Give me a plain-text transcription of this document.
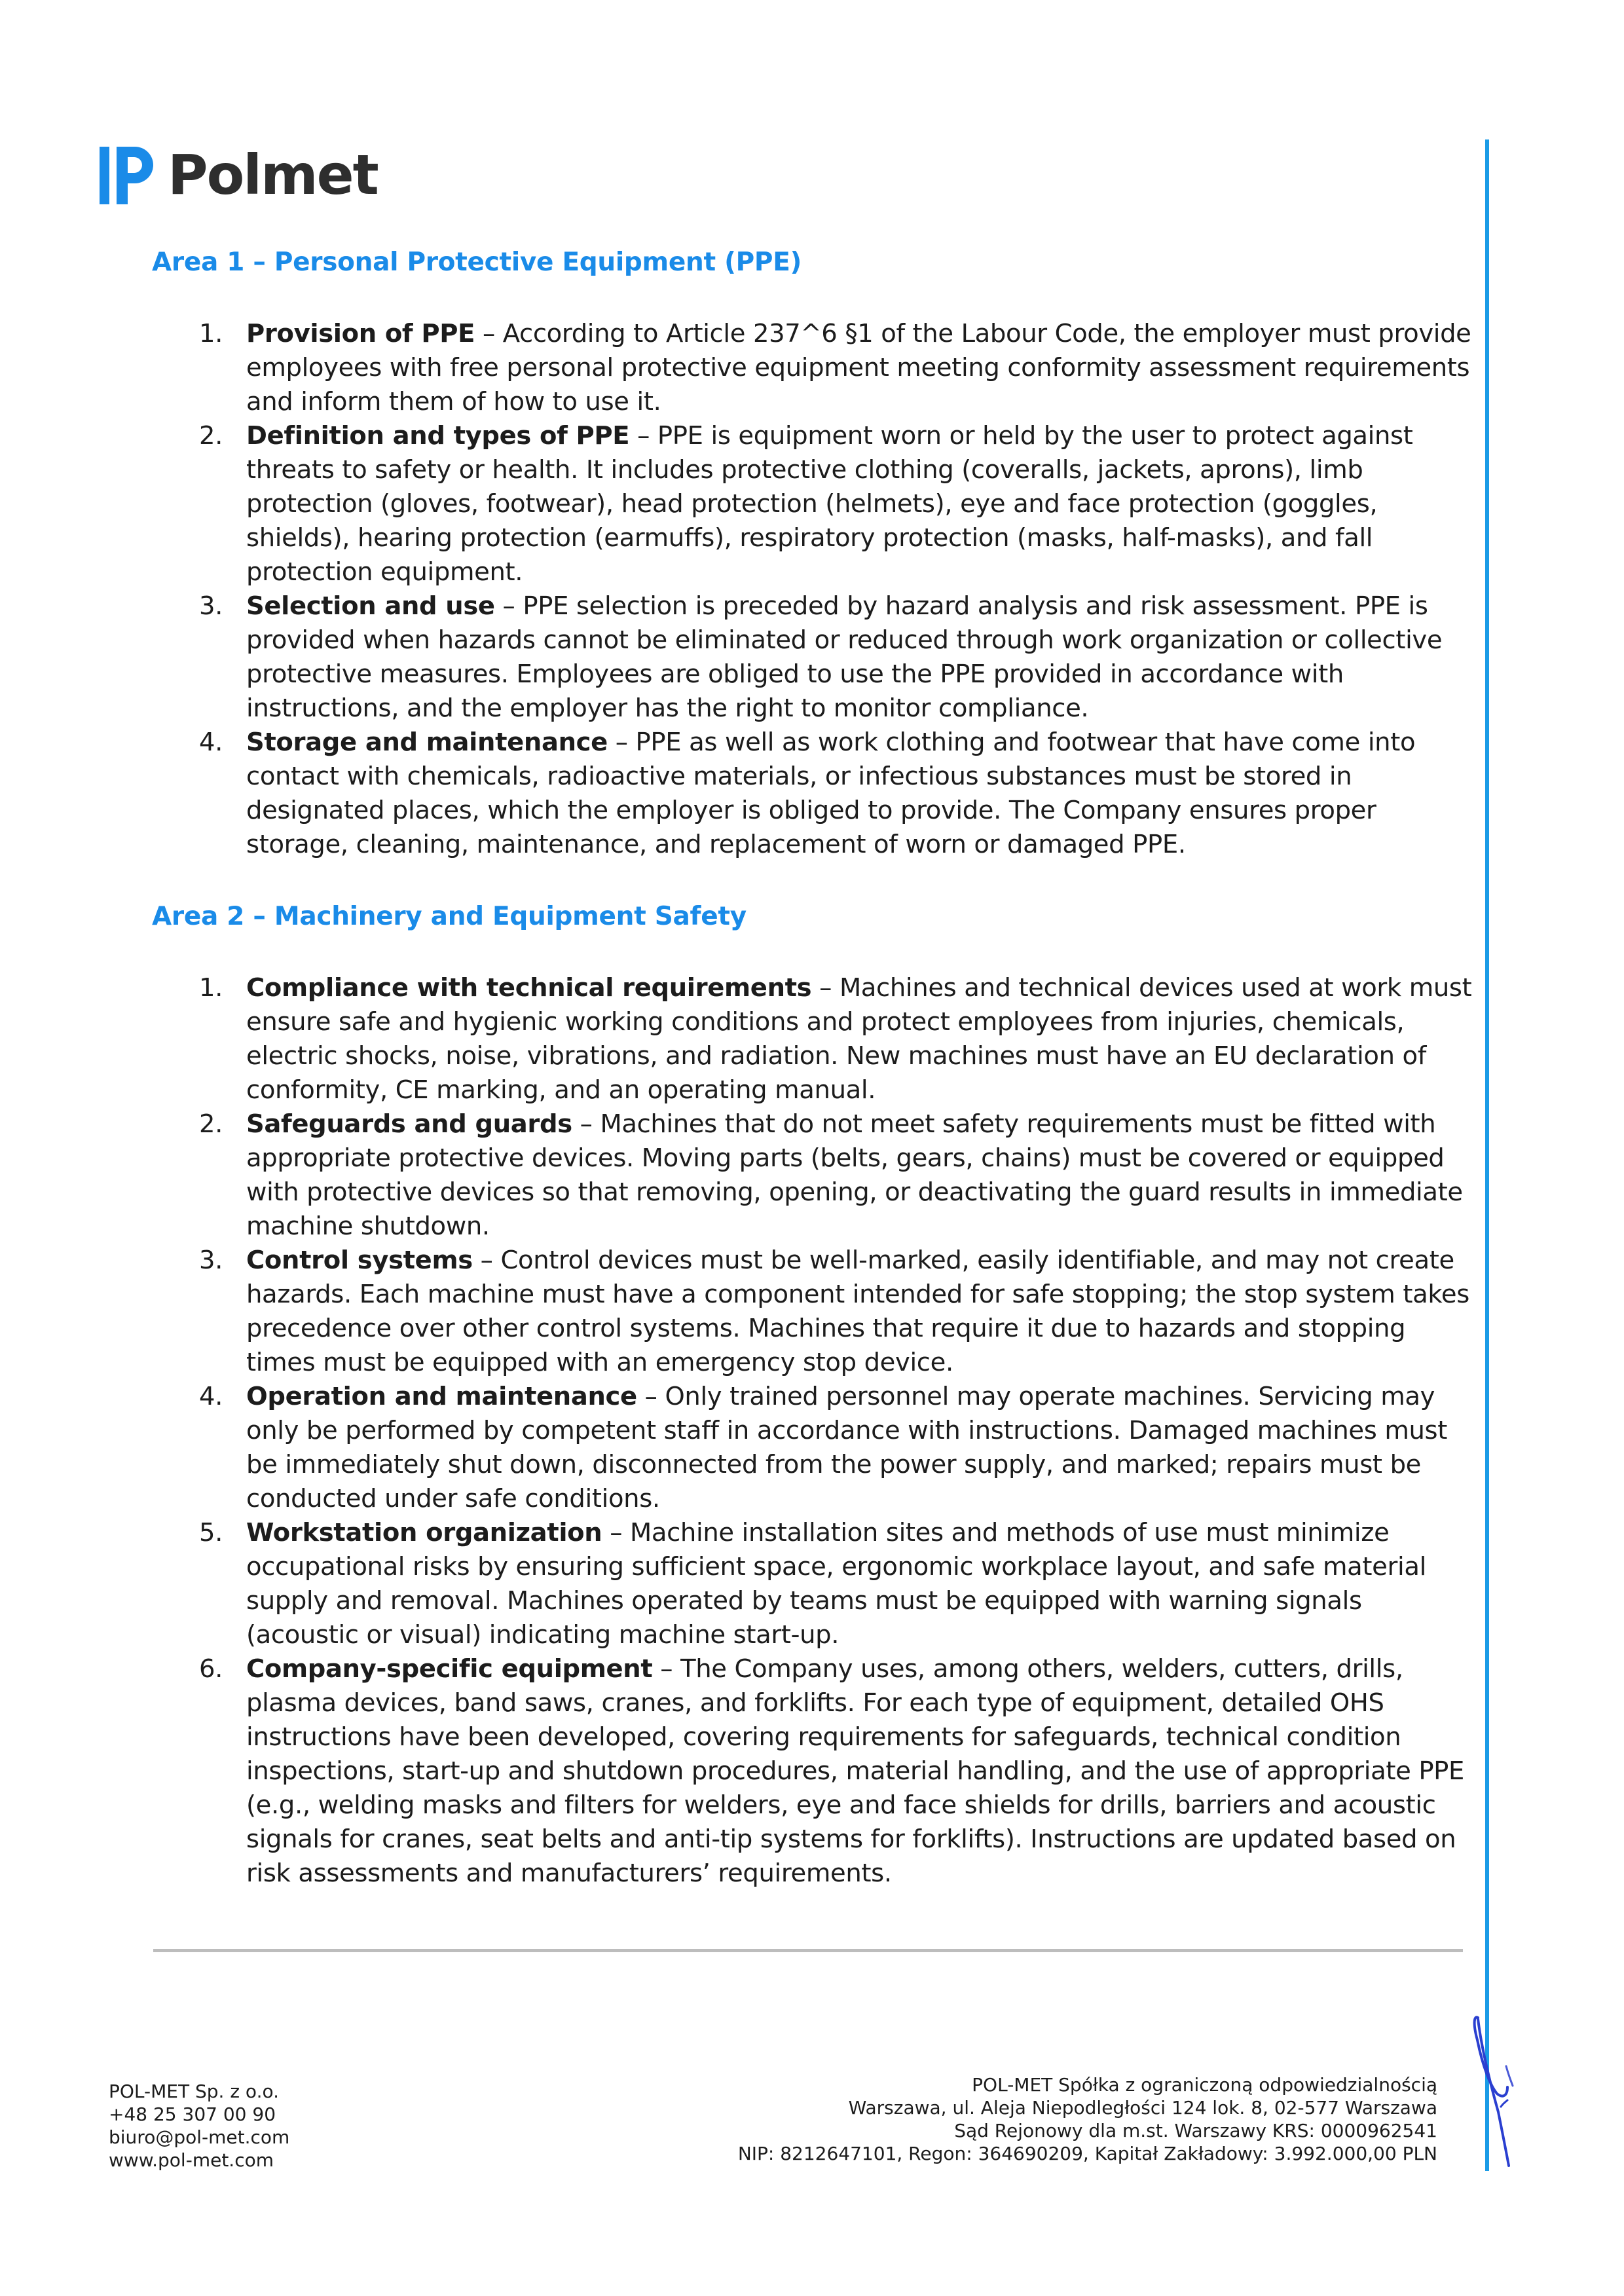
Polmet
Area 1 – Personal Protective Equipment (PPE)
1. Provision of PPE – According to Article 237^6 §1 of the Labour Code, the employer must provide employees with free personal protective equipment meeting conformity assessment requirements and inform them of how to use it.
2. Definition and types of PPE – PPE is equipment worn or held by the user to protect against threats to safety or health. It includes protective clothing (coveralls, jackets, aprons), limb protection (gloves, footwear), head protection (helmets), eye and face protection (goggles, shields), hearing protection (earmuffs), respiratory protection (masks, half-masks), and fall protection equipment.
3. Selection and use – PPE selection is preceded by hazard analysis and risk assessment. PPE is provided when hazards cannot be eliminated or reduced through work organization or collective protective measures. Employees are obliged to use the PPE provided in accordance with instructions, and the employer has the right to monitor compliance.
4. Storage and maintenance – PPE as well as work clothing and footwear that have come into contact with chemicals, radioactive materials, or infectious substances must be stored in designated places, which the employer is obliged to provide. The Company ensures proper storage, cleaning, maintenance, and replacement of worn or damaged PPE.
Area 2 – Machinery and Equipment Safety
1. Compliance with technical requirements – Machines and technical devices used at work must ensure safe and hygienic working conditions and protect employees from injuries, chemicals, electric shocks, noise, vibrations, and radiation. New machines must have an EU declaration of conformity, CE marking, and an operating manual.
2. Safeguards and guards – Machines that do not meet safety requirements must be fitted with appropriate protective devices. Moving parts (belts, gears, chains) must be covered or equipped with protective devices so that removing, opening, or deactivating the guard results in immediate machine shutdown.
3. Control systems – Control devices must be well-marked, easily identifiable, and may not create hazards. Each machine must have a component intended for safe stopping; the stop system takes precedence over other control systems. Machines that require it due to hazards and stopping times must be equipped with an emergency stop device.
4. Operation and maintenance – Only trained personnel may operate machines. Servicing may only be performed by competent staff in accordance with instructions. Damaged machines must be immediately shut down, disconnected from the power supply, and marked; repairs must be conducted under safe conditions.
5. Workstation organization – Machine installation sites and methods of use must minimize occupational risks by ensuring sufficient space, ergonomic workplace layout, and safe material supply and removal. Machines operated by teams must be equipped with warning signals (acoustic or visual) indicating machine start-up.
6. Company-specific equipment – The Company uses, among others, welders, cutters, drills, plasma devices, band saws, cranes, and forklifts. For each type of equipment, detailed OHS instructions have been developed, covering requirements for safeguards, technical condition inspections, start-up and shutdown procedures, material handling, and the use of appropriate PPE (e.g., welding masks and filters for welders, eye and face shields for drills, barriers and acoustic signals for cranes, seat belts and anti-tip systems for forklifts). Instructions are updated based on risk assessments and manufacturers’ requirements.
POL-MET Sp. z o.o.
+48 25 307 00 90
biuro@pol-met.com
www.pol-met.com
POL-MET Spółka z ograniczoną odpowiedzialnością
Warszawa, ul. Aleja Niepodległości 124 lok. 8, 02-577 Warszawa
Sąd Rejonowy dla m.st. Warszawy KRS: 0000962541
NIP: 8212647101, Regon: 364690209, Kapitał Zakładowy: 3.992.000,00 PLN
